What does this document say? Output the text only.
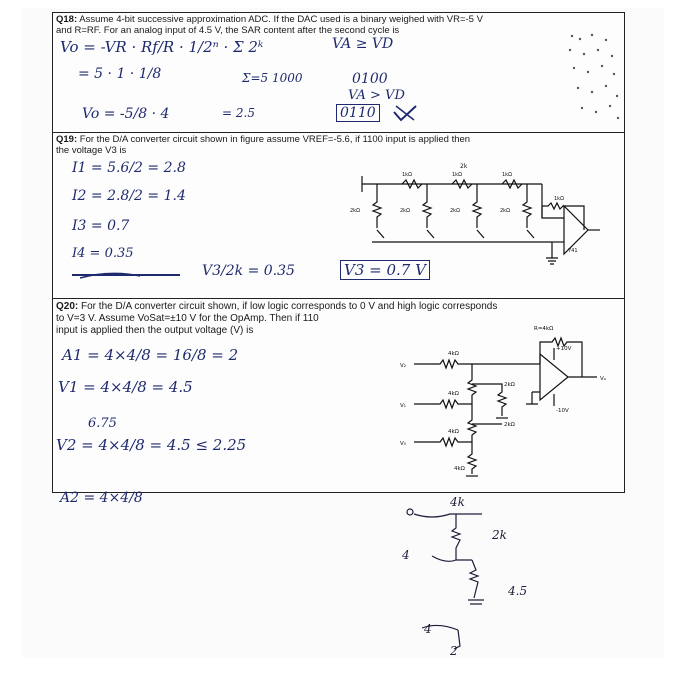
Q18: Assume 4-bit successive approximation ADC. If the DAC used is a binary weighed with VR=-5 V
and R=RF. For an analog input of 4.5 V, the SAR content after the second cycle is
Vo = -VR · Rf/R · 1/2ⁿ · Σ 2ᵏ	VA ≥ VD
= 5 · 1 · 1/8	Σ=5 1000	0100
VA > VD
Vo = -5/8 · 4	= 2.5	0110
Q19: For the D/A converter circuit shown in figure assume VREF=-5.6, if 1100 input is applied then
the voltage V3 is
I1 = 5.6/2 = 2.8
I2 = 2.8/2 = 1.4
I3 = 0.7
I4 = 0.35
V3/2k = 0.35	V3 = 0.7 V
2k
1kΩ	1kΩ	1kΩ
2kΩ	2kΩ	2kΩ	2kΩ
1kΩ
741
Q20: For the D/A converter circuit shown, if low logic corresponds to 0 V and high logic corresponds
to V=3 V. Assume VoSat=±10 V for the OpAmp. Then if 110
input is applied then the output voltage (V) is
A1 = 4×4/8 = 16/8 = 2
V1 = 4×4/8 = 4.5
6.75
V2 = 4×4/8 = 4.5 ≤ 2.25
A2 = 4×4/8
R=4kΩ
+10V
-10V
V₂
V₁
V₀
4kΩ
4kΩ
4kΩ
2kΩ
2kΩ
4kΩ
Vₒ
4k
2k
4
4.5
4
2
